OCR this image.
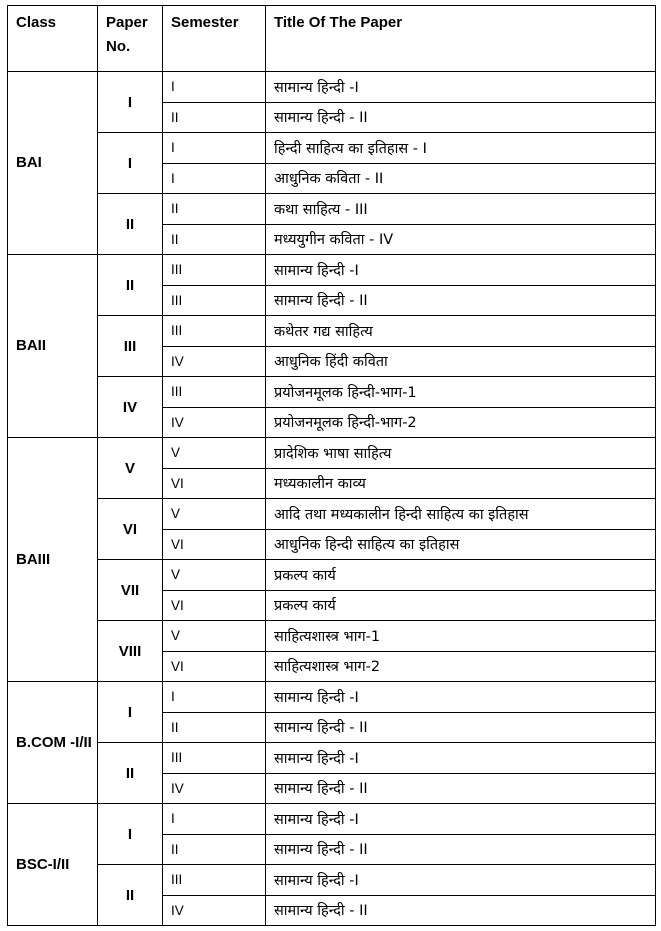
Class	Paper No.	Semester	Title Of The Paper
BAI	I	I	सामान्य हिन्दी -I
		II	सामान्य हिन्दी - II
	I	I	हिन्दी साहित्य का इतिहास - I
		I	आधुनिक कविता - II
	II	II	कथा साहित्य - III
		II	मध्ययुगीन कविता - IV
BAII	II	III	सामान्य हिन्दी -I
		III	सामान्य हिन्दी - II
	III	III	कथेतर गद्य साहित्य
		IV	आधुनिक हिंदी कविता
	IV	III	प्रयोजनमूलक हिन्दी-भाग-1
		IV	प्रयोजनमूलक हिन्दी-भाग-2
BAIII	V	V	प्रादेशिक भाषा साहित्य
		VI	मध्यकालीन काव्य
	VI	V	आदि तथा मध्यकालीन हिन्दी साहित्य का इतिहास
		VI	आधुनिक हिन्दी साहित्य का इतिहास
	VII	V	प्रकल्प कार्य
		VI	प्रकल्प कार्य
	VIII	V	साहित्यशास्त्र भाग-1
		VI	साहित्यशास्त्र भाग-2
B.COM -I/II	I	I	सामान्य हिन्दी -I
		II	सामान्य हिन्दी - II
	II	III	सामान्य हिन्दी -I
		IV	सामान्य हिन्दी - II
BSC-I/II	I	I	सामान्य हिन्दी -I
		II	सामान्य हिन्दी - II
	II	III	सामान्य हिन्दी -I
		IV	सामान्य हिन्दी - II
